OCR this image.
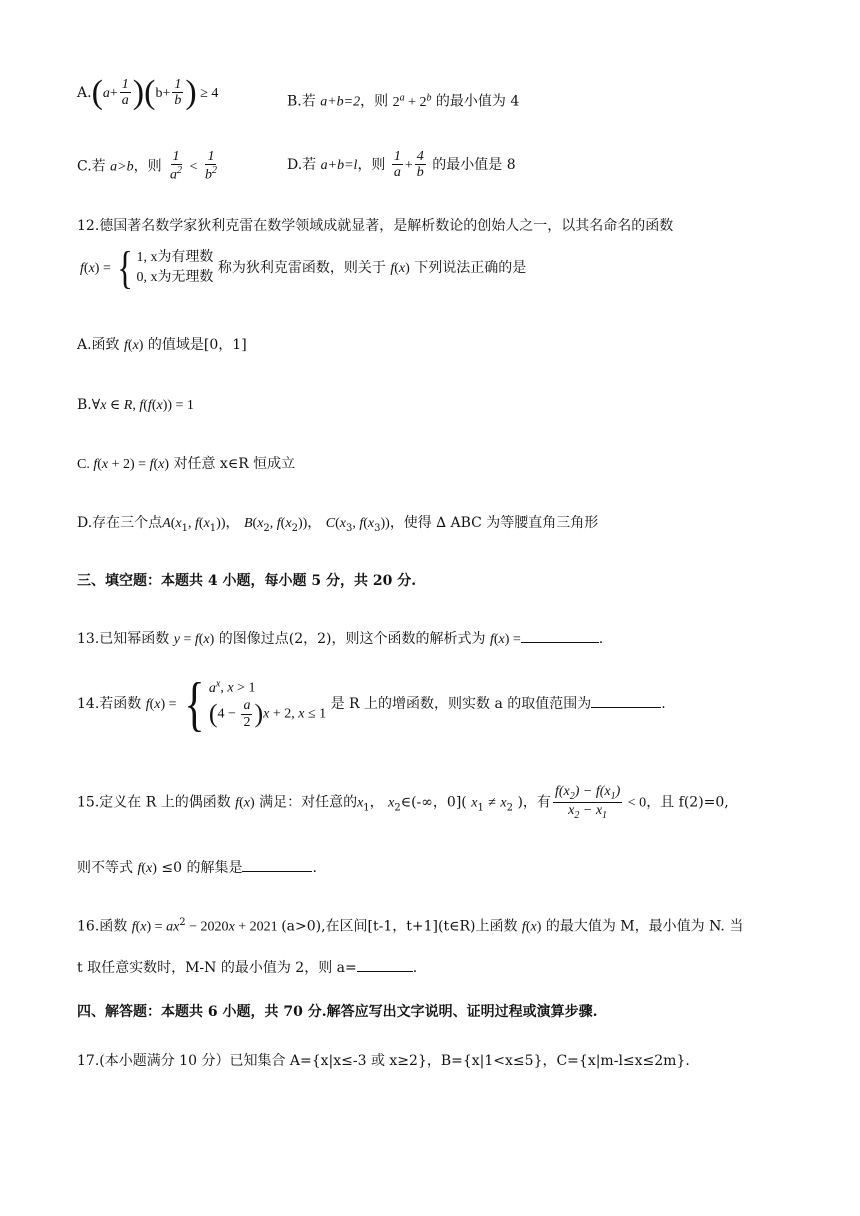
$A.(a+ \frac{1}{a} )(b+ \frac{1}{b}$ ) ≥ 4
B.若 a+b=2，则 $2^a + 2^b$ 的最小值为 4
C.若 a>b，则 $\frac{1}{a^2} < \frac{1}{b^2}$	D.若 a+b=l，则 $\frac{1}{a} + \frac{4}{b}$ 的最小值是 8
12.德国著名数学家狄利克雷在数学领域成就显著，是解析数论的创始人之一，以其名命名的函数
f(x) = { 1, x为有理数
0, x为无理数
称为狄利克雷函数，则关于 f(x) 下列说法正确的是
A.函致 f(x) 的值域是[0，1]
B.∀x ∈ R, f(f(x)) = 1
C. f(x + 2) = f(x) 对任意 x∈R 恒成立
D.存在三个点$A(x_1$, $f(x_1)$)， $B(x_2$, $f(x_2)$)， $C(x_3$, $f(x_3)$)，使得 ∆ ABC 为等腰直角三角形
三、填空题：本题共 4 小题，每小题 5 分，共 20 分.
13.已知幂函数 y = f(x) 的图像过点(2，2)，则这个函数的解析式为 f(x) =	.
14.若函数 f(x) = { $a^x$, x > 1
$(4 - \frac{a}{2} )x + 2$, x ≤ 1
是 R 上的增函数，则实数 a 的取值范围为	.
15.定义在 R 上的偶函数 f(x) 满足：对任意的$x_1$， $x_2\in(-\infty$，0]( $x_1 \ne x_2$ )，有 $\frac{f(x_2) - f(x_1)}{x_2 - x_1} < 0$，且 f(2)=0,
则不等式 f(x) ≤0 的解集是	.
16.函数 $f(x) = ax^2 - 2020x + 2021$ (a>0),在区间[t-1，t+1](t∈R)上函数 f(x) 的最大值为 M，最小值为 N. 当
t 取任意实数时，M-N 的最小值为 2，则 a=	.
四、解答题：本题共 6 小题，共 70 分.解答应写出文字说明、证明过程或演算步骤.
17.(本小题满分 10 分）已知集合 A={x|x≤-3 或 x≥2}，B={x|1<x≤5}，C={x|m-l≤x≤2m}.
